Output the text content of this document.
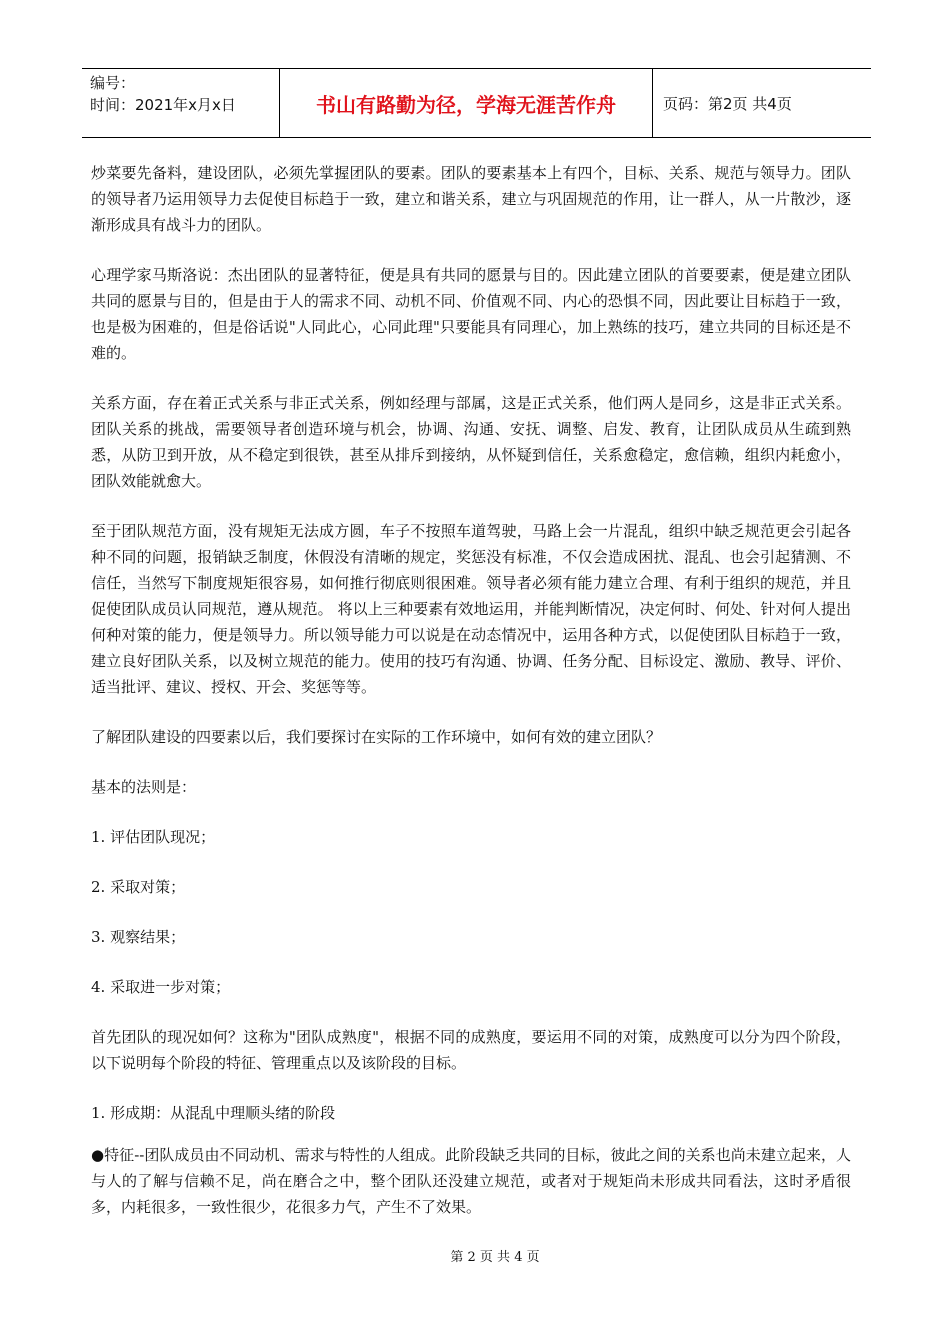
编号：
时间：2021年x月x日	书山有路勤为径，学海无涯苦作舟	页码：第2页 共4页

炒菜要先备料，建设团队，必须先掌握团队的要素。团队的要素基本上有四个，目标、关系、规范与领导力。团队的领导者乃运用领导力去促使目标趋于一致，建立和谐关系，建立与巩固规范的作用，让一群人，从一片散沙，逐渐形成具有战斗力的团队。

心理学家马斯洛说：杰出团队的显著特征，便是具有共同的愿景与目的。因此建立团队的首要要素，便是建立团队共同的愿景与目的，但是由于人的需求不同、动机不同、价值观不同、内心的恐惧不同，因此要让目标趋于一致，也是极为困难的，但是俗话说"人同此心，心同此理"只要能具有同理心，加上熟练的技巧，建立共同的目标还是不难的。

关系方面，存在着正式关系与非正式关系，例如经理与部属，这是正式关系，他们两人是同乡，这是非正式关系。团队关系的挑战，需要领导者创造环境与机会，协调、沟通、安抚、调整、启发、教育，让团队成员从生疏到熟悉，从防卫到开放，从不稳定到很铁，甚至从排斥到接纳，从怀疑到信任，关系愈稳定，愈信赖，组织内耗愈小，团队效能就愈大。

至于团队规范方面，没有规矩无法成方圆，车子不按照车道驾驶，马路上会一片混乱，组织中缺乏规范更会引起各种不同的问题，报销缺乏制度，休假没有清晰的规定，奖惩没有标准，不仅会造成困扰、混乱、也会引起猜测、不信任，当然写下制度规矩很容易，如何推行彻底则很困难。领导者必须有能力建立合理、有利于组织的规范，并且促使团队成员认同规范，遵从规范。 将以上三种要素有效地运用，并能判断情况，决定何时、何处、针对何人提出何种对策的能力，便是领导力。所以领导能力可以说是在动态情况中，运用各种方式，以促使团队目标趋于一致，建立良好团队关系，以及树立规范的能力。使用的技巧有沟通、协调、任务分配、目标设定、激励、教导、评价、适当批评、建议、授权、开会、奖惩等等。

了解团队建设的四要素以后，我们要探讨在实际的工作环境中，如何有效的建立团队？

基本的法则是：

1. 评估团队现况；

2. 采取对策；

3. 观察结果；

4. 采取进一步对策；

首先团队的现况如何？这称为"团队成熟度"，根据不同的成熟度，要运用不同的对策，成熟度可以分为四个阶段，以下说明每个阶段的特征、管理重点以及该阶段的目标。

1. 形成期：从混乱中理顺头绪的阶段

●特征--团队成员由不同动机、需求与特性的人组成。此阶段缺乏共同的目标，彼此之间的关系也尚未建立起来，人与人的了解与信赖不足，尚在磨合之中，整个团队还没建立规范，或者对于规矩尚未形成共同看法，这时矛盾很多，内耗很多，一致性很少，花很多力气，产生不了效果。

第 2 页 共 4 页
